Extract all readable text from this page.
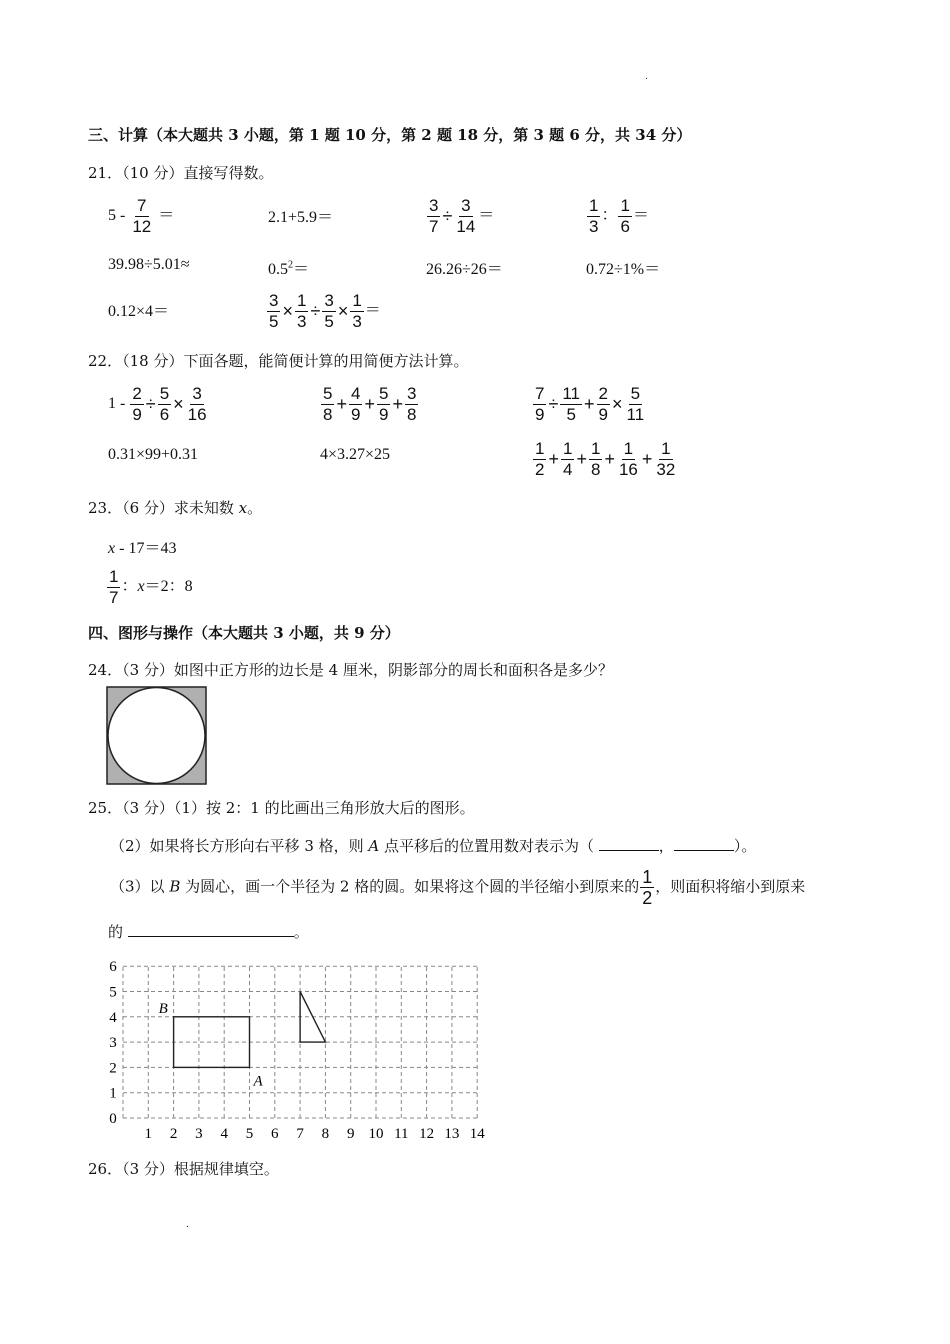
.
三、计算（本大题共 3 小题，第 1 题 10 分，第 2 题 18 分，第 3 题 6 分，共 34 分）
21．（10 分）直接写得数。
$5 - \frac{7}{12}$ ＝	2.1+5.9＝	$\frac{3}{7} \div \frac{3}{14}$ ＝	$\frac{1}{3}$ ： $\frac{1}{6}$ ＝
39.98÷5.01≈	$0.5^2=$	26.26÷26＝	0.72÷1%＝
0.12×4＝	$\frac{3}{5} \times \frac{1}{3} \div \frac{3}{5} \times \frac{1}{3}$ ＝
22．（18 分）下面各题，能简便计算的用简便方法计算。
$1 - \frac{2}{9} \div \frac{5}{6} \times \frac{3}{16}$	$\frac{5}{8} + \frac{4}{9} + \frac{5}{9} + \frac{3}{8}$	$\frac{7}{9} \div \frac{11}{5} + \frac{2}{9} \times \frac{5}{11}$
0.31×99+0.31	4×3.27×25	$\frac{1}{2} + \frac{1}{4} + \frac{1}{8} + \frac{1}{16} + \frac{1}{32}$
23．（6 分）求未知数 x。
x - 17＝43
$\frac{1}{7}$ ：x＝2：8
四、图形与操作（本大题共 3 小题，共 9 分）
24．（3 分）如图中正方形的边长是 4 厘米，阴影部分的周长和面积各是多少？
25．（3 分）（1）按 2：1 的比画出三角形放大后的图形。
（2）如果将长方形向右平移 3 格，则 A 点平移后的位置用数对表示为（	，	）。
（3）以 B 为圆心，画一个半径为 2 格的圆。如果将这个圆的半径缩小到原来的 $\frac{1}{2}$ ，则面积将缩小到原来
的	。
1 2 3 4 5 6 7 8 9 10 11 12 13 14
0
1
2
3
4
5
6
B
A
26．（3 分）根据规律填空。
.
